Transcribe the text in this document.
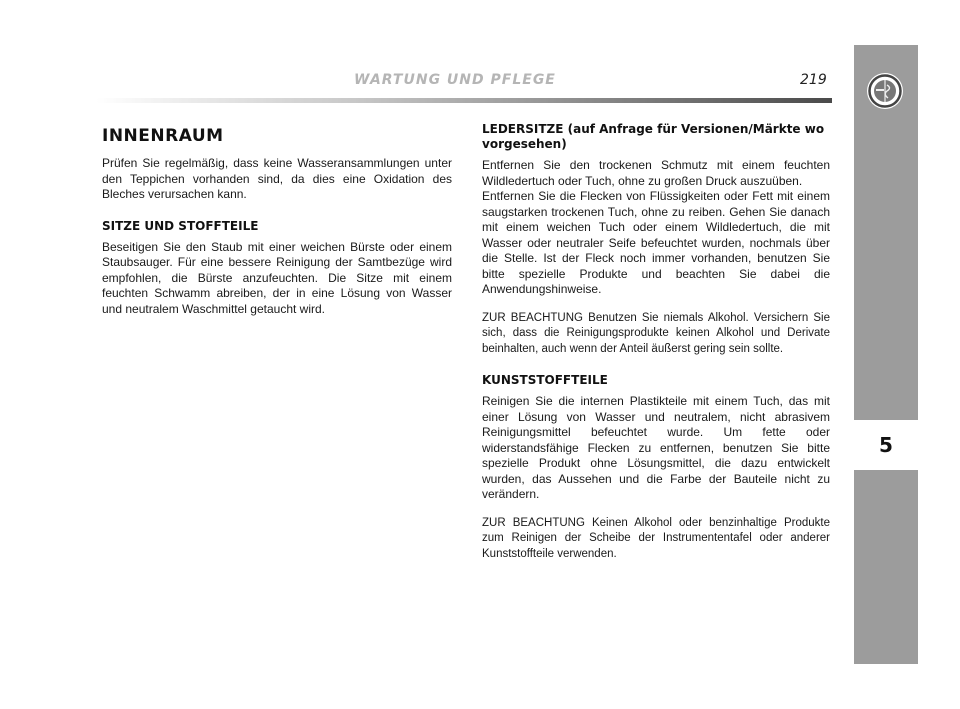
WARTUNG UND PFLEGE	219
5
INNENRAUM

Prüfen Sie regelmäßig, dass keine Wasseransammlungen unter den Teppichen vorhanden sind, da dies eine Oxidation des Bleches verursachen kann.

SITZE UND STOFFTEILE

Beseitigen Sie den Staub mit einer weichen Bürste oder einem Staubsauger. Für eine bessere Reinigung der Samtbezüge wird empfohlen, die Bürste anzufeuchten. Die Sitze mit einem feuchten Schwamm abreiben, der in eine Lösung von Wasser und neutralem Waschmittel getaucht wird.

LEDERSITZE (auf Anfrage für Versionen/Märkte wo vorgesehen)

Entfernen Sie den trockenen Schmutz mit einem feuchten Wildledertuch oder Tuch, ohne zu großen Druck auszuüben.

Entfernen Sie die Flecken von Flüssigkeiten oder Fett mit einem saugstarken trockenen Tuch, ohne zu reiben. Gehen Sie danach mit einem weichen Tuch oder einem Wildledertuch, die mit Wasser oder neutraler Seife befeuchtet wurden, nochmals über die Stelle. Ist der Fleck noch immer vorhanden, benutzen Sie bitte spezielle Produkte und beachten Sie dabei die Anwendungshinweise.

ZUR BEACHTUNG Benutzen Sie niemals Alkohol. Versichern Sie sich, dass die Reinigungsprodukte keinen Alkohol und Derivate beinhalten, auch wenn der Anteil äußerst gering sein sollte.

KUNSTSTOFFTEILE

Reinigen Sie die internen Plastikteile mit einem Tuch, das mit einer Lösung von Wasser und neutralem, nicht abrasivem Reinigungsmittel befeuchtet wurde. Um fette oder widerstandsfähige Flecken zu entfernen, benutzen Sie bitte spezielle Produkt ohne Lösungsmittel, die dazu entwickelt wurden, das Aussehen und die Farbe der Bauteile nicht zu verändern.

ZUR BEACHTUNG Keinen Alkohol oder benzinhaltige Produkte zum Reinigen der Scheibe der Instrumententafel oder anderer Kunststoffteile verwenden.
